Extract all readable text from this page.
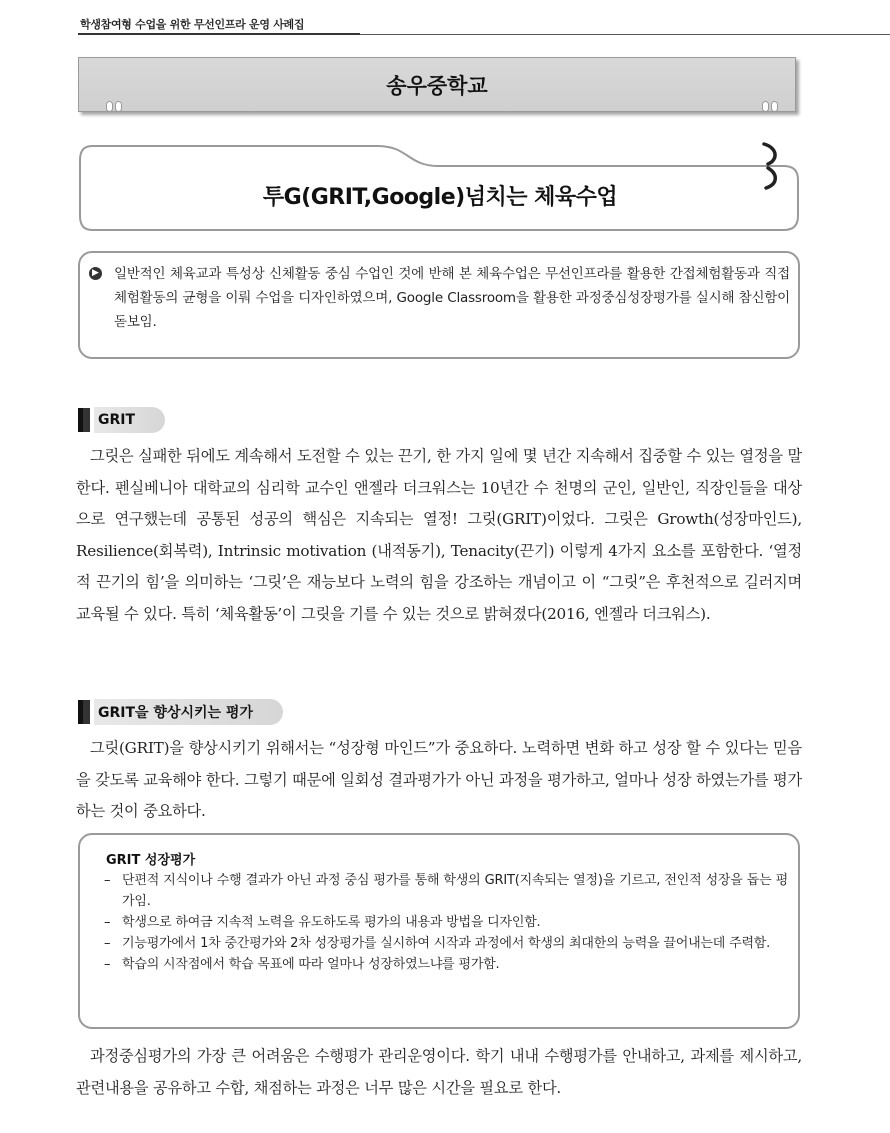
학생참여형 수업을 위한 무선인프라 운영 사례집
송우중학교
투G(GRIT,Google)넘치는 체육수업
▶ 일반적인 체육교과 특성상 신체활동 중심 수업인 것에 반해 본 체육수업은 무선인프라를 활용한 간접체험활동과 직접체험활동의 균형을 이뤄 수업을 디자인하였으며, Google Classroom을 활용한 과정중심성장평가를 실시해 참신함이 돋보임.
GRIT
그릿은 실패한 뒤에도 계속해서 도전할 수 있는 끈기, 한 가지 일에 몇 년간 지속해서 집중할 수 있는 열정을 말한다. 펜실베니아 대학교의 심리학 교수인 앤젤라 더크워스는 10년간 수 천명의 군인, 일반인, 직장인들을 대상으로 연구했는데 공통된 성공의 핵심은 지속되는 열정! 그릿(GRIT)이었다. 그릿은 Growth(성장마인드), Resilience(회복력), Intrinsic motivation (내적동기), Tenacity(끈기) 이렇게 4가지 요소를 포함한다. ‘열정적 끈기의 힘’을 의미하는 ‘그릿’은 재능보다 노력의 힘을 강조하는 개념이고 이 “그릿”은 후천적으로 길러지며 교육될 수 있다. 특히 ‘체육활동’이 그릿을 기를 수 있는 것으로 밝혀졌다(2016, 엔젤라 더크워스).
GRIT을 향상시키는 평가
그릿(GRIT)을 향상시키기 위해서는 “성장형 마인드”가 중요하다. 노력하면 변화 하고 성장 할 수 있다는 믿음을 갖도록 교육해야 한다. 그렇기 때문에 일회성 결과평가가 아닌 과정을 평가하고, 얼마나 성장 하였는가를 평가하는 것이 중요하다.
GRIT 성장평가
– 단편적 지식이나 수행 결과가 아닌 과정 중심 평가를 통해 학생의 GRIT(지속되는 열정)을 기르고, 전인적 성장을 돕는 평가임.
– 학생으로 하여금 지속적 노력을 유도하도록 평가의 내용과 방법을 디자인함.
– 기능평가에서 1차 중간평가와 2차 성장평가를 실시하여 시작과 과정에서 학생의 최대한의 능력을 끌어내는데 주력함.
– 학습의 시작점에서 학습 목표에 따라 얼마나 성장하였느냐를 평가함.
과정중심평가의 가장 큰 어려움은 수행평가 관리운영이다. 학기 내내 수행평가를 안내하고, 과제를 제시하고, 관련내용을 공유하고 수합, 채점하는 과정은 너무 많은 시간을 필요로 한다.
